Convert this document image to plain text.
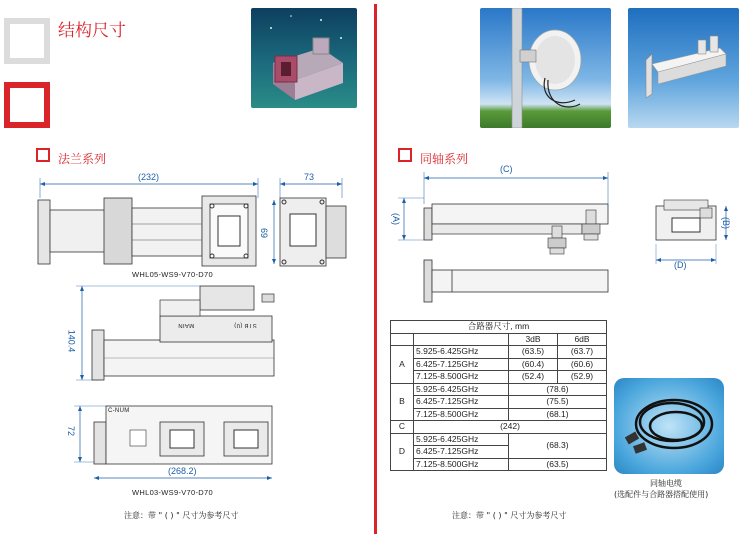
结构尺寸
法兰系列
(232)	73
69
WHL05-WS9-V70-D70
140.4
MAIN	STB (0)
72
C-NUM
(268.2)
WHL03-WS9-V70-D70
注意：带 " ( ) " 尺寸为参考尺寸
同轴系列
(C)
(A)	(B)
(D)
合路器尺寸, mm			
		3dB	6dB
A	5.925-6.425GHz	(63.5)	(63.7)
	6.425-7.125GHz	(60.4)	(60.6)
	7.125-8.500GHz	(52.4)	(52.9)
B	5.925-6.425GHz	(78.6)	
	6.425-7.125GHz	(75.5)	
	7.125-8.500GHz	(68.1)	
C	(242)		
D	5.925-6.425GHz	(68.3)	
	6.425-7.125GHz		
	7.125-8.500GHz	(63.5)	
同轴电缆
(选配件与合路器搭配使用)
注意：带 " ( ) " 尺寸为参考尺寸
